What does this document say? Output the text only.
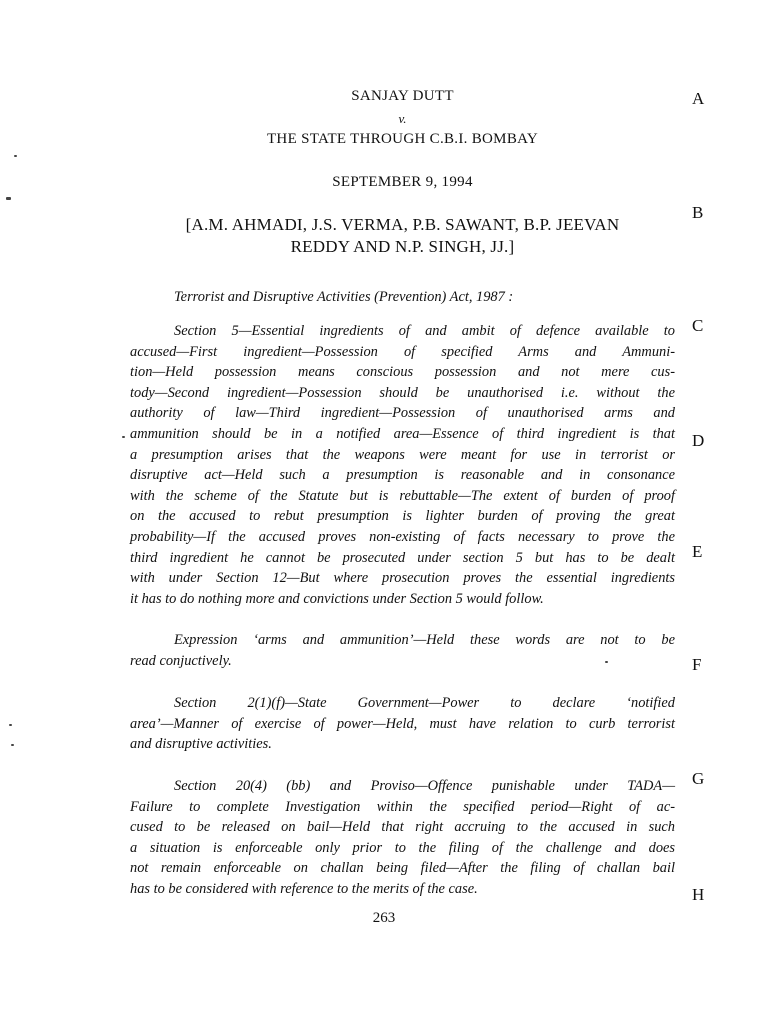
SANJAY DUTT
v.
THE STATE THROUGH C.B.I. BOMBAY
SEPTEMBER 9, 1994
[A.M. AHMADI, J.S. VERMA, P.B. SAWANT, B.P. JEEVAN
REDDY AND N.P. SINGH, JJ.]
Terrorist and Disruptive Activities (Prevention) Act, 1987 :
Section 5—Essential ingredients of and ambit of defence available to
accused—First ingredient—Possession of specified Arms and Ammuni-
tion—Held possession means conscious possession and not mere cus-
tody—Second ingredient—Possession should be unauthorised i.e. without the
authority of law—Third ingredient—Possession of unauthorised arms and
ammunition should be in a notified area—Essence of third ingredient is that
a presumption arises that the weapons were meant for use in terrorist or
disruptive act—Held such a presumption is reasonable and in consonance
with the scheme of the Statute but is rebuttable—The extent of burden of proof
on the accused to rebut presumption is lighter burden of proving the great
probability—If the accused proves non-existing of facts necessary to prove the
third ingredient he cannot be prosecuted under section 5 but has to be dealt
with under Section 12—But where prosecution proves the essential ingredients
it has to do nothing more and convictions under Section 5 would follow.
Expression ‘arms and ammunition’—Held these words are not to be
read conjuctively.
Section 2(1)(f)—State Government—Power to declare ‘notified
area’—Manner of exercise of power—Held, must have relation to curb terrorist
and disruptive activities.
Section 20(4) (bb) and Proviso—Offence punishable under TADA—
Failure to complete Investigation within the specified period—Right of ac-
cused to be released on bail—Held that right accruing to the accused in such
a situation is enforceable only prior to the filing of the challenge and does
not remain enforceable on challan being filed—After the filing of challan bail
has to be considered with reference to the merits of the case.
A
B
C
D
E
F
G
H
263
